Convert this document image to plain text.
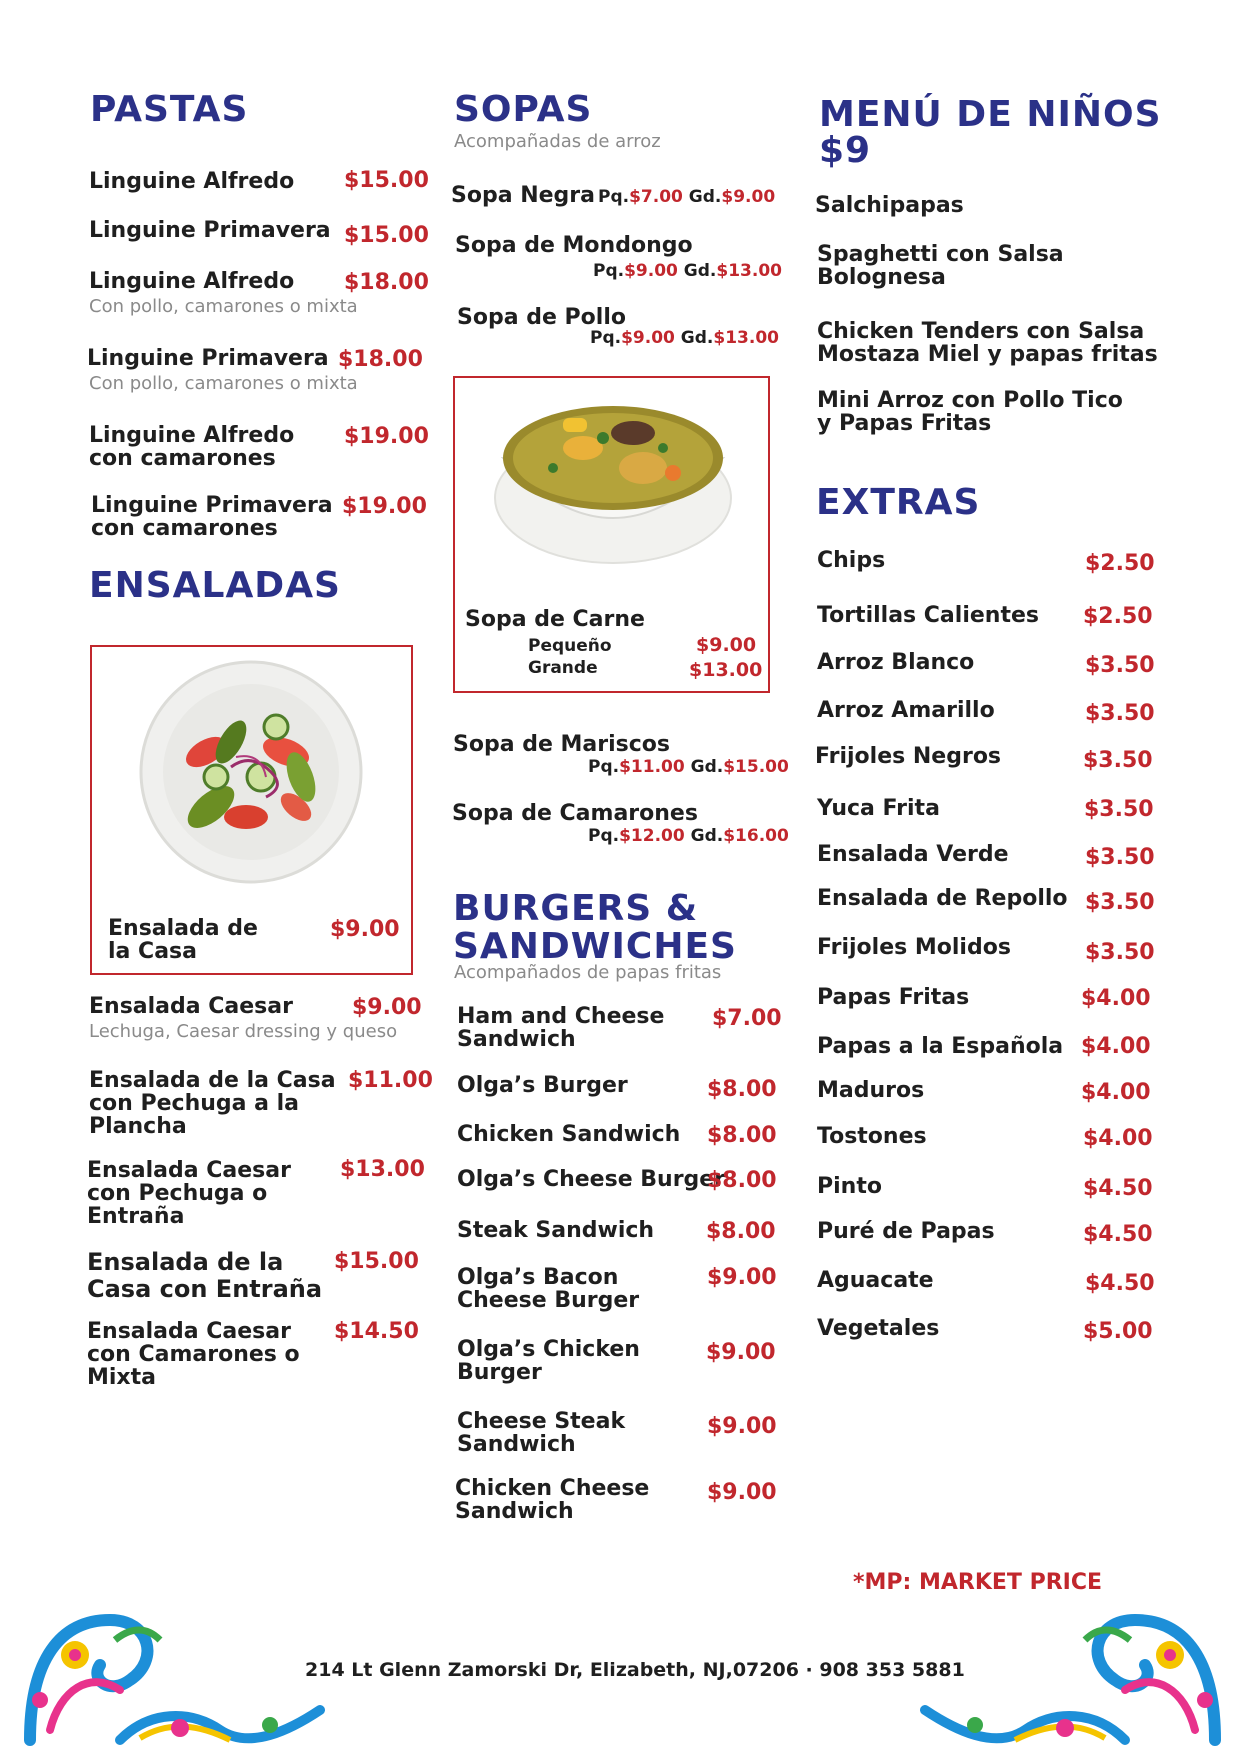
PASTAS
Linguine Alfredo $15.00
Linguine Primavera $15.00
Linguine Alfredo $18.00
Con pollo, camarones o mixta
Linguine Primavera $18.00
Con pollo, camarones o mixta
Linguine Alfredo
con camarones
$19.00
Linguine Primavera
con camarones
$19.00
ENSALADAS
Ensalada de
la Casa
$9.00
Ensalada Caesar	$9.00
Lechuga, Caesar dressing y queso
Ensalada de la Casa
con Pechuga a la
Plancha
$11.00
Ensalada Caesar
con Pechuga o
Entraña
$13.00
Ensalada de la
Casa con Entraña
$15.00
Ensalada Caesar
con Camarones o
Mixta
$14.50
SOPAS
Acompañadas de arroz
Sopa Negra Pq.$7.00 Gd.$9.00
Sopa de Mondongo
Pq.$9.00 Gd.$13.00
Sopa de Pollo
Pq.$9.00 Gd.$13.00
Sopa de Carne
Pequeño	$9.00
Grande	$13.00
Sopa de Mariscos
Pq.$11.00 Gd.$15.00
Sopa de Camarones
Pq.$12.00 Gd.$16.00
BURGERS &
SANDWICHES
Acompañados de papas fritas
Ham and Cheese
Sandwich
$7.00
Olga’s Burger	$8.00
Chicken Sandwich $8.00
Olga’s Cheese Burger
$8.00
Steak Sandwich $8.00
Olga’s Bacon
Cheese Burger
$9.00
Olga’s Chicken
Burger
$9.00
Cheese Steak
Sandwich
$9.00
Chicken Cheese
Sandwich
$9.00
MENÚ DE NIÑOS
$9
Salchipapas
Spaghetti con Salsa
Bolognesa
Chicken Tenders con Salsa
Mostaza Miel y papas fritas
Mini Arroz con Pollo Tico
y Papas Fritas
EXTRAS
Chips	$2.50
Tortillas Calientes $2.50
Arroz Blanco	$3.50
Arroz Amarillo	$3.50
Frijoles Negros	$3.50
Yuca Frita	$3.50
Ensalada Verde	$3.50
Ensalada de Repollo $3.50
Frijoles Molidos	$3.50
Papas Fritas	$4.00
Papas a la Española $4.00
Maduros	$4.00
Tostones	$4.00
Pinto	$4.50
Puré de Papas	$4.50
Aguacate	$4.50
Vegetales	$5.00
*MP: MARKET PRICE
214 Lt Glenn Zamorski Dr, Elizabeth, NJ,07206 · 908 353 5881
